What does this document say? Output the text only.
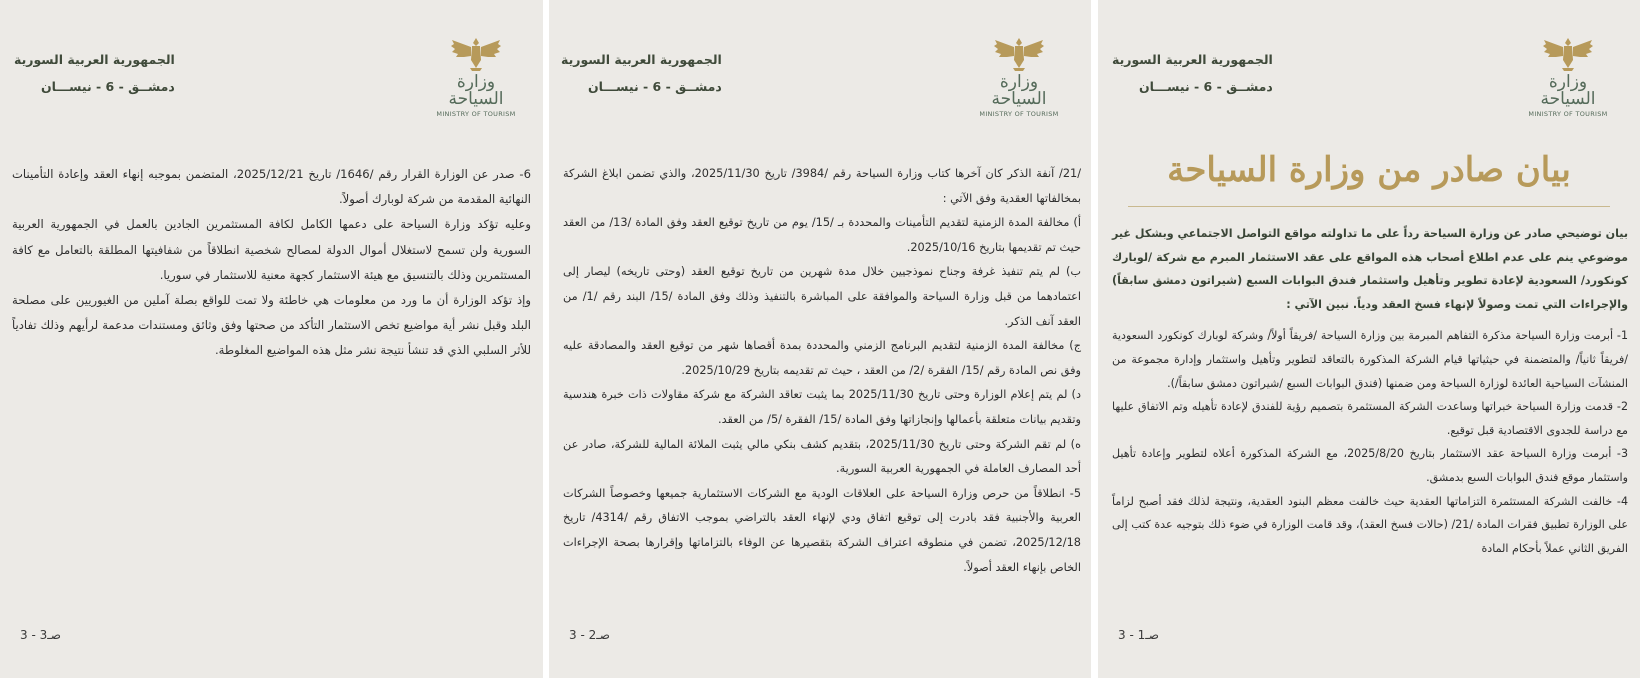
الجمهورية العربية السورية
دمشــق - 6 - نيســـان	وزارة السياحة
MINISTRY OF TOURISM

6- صدر عن الوزارة القرار رقم /1646/ تاريخ 2025/12/21، المتضمن بموجبه إنهاء العقد وإعادة التأمينات النهائية المقدمة من شركة لوبارك أصولاً.

وعليه تؤكد وزارة السياحة على دعمها الكامل لكافة المستثمرين الجادين بالعمل في الجمهورية العربية السورية ولن تسمح لاستغلال أموال الدولة لمصالح شخصية انطلاقاً من شفافيتها المطلقة بالتعامل مع كافة المستثمرين وذلك بالتنسيق مع هيئة الاستثمار كجهة معنية للاستثمار في سوريا.

وإذ تؤكد الوزارة أن ما ورد من معلومات هي خاطئة ولا تمت للواقع بصلة آملين من الغيوريين على مصلحة البلد وقبل نشر أية مواضيع تخص الاستثمار التأكد من صحتها وفق وثائق ومستندات مدعمة لرأيهم وذلك تفادياً للأثر السلبي الذي قد تنشأ نتيجة نشر مثل هذه المواضيع المغلوطة.

صـ3 - 3
الجمهورية العربية السورية
دمشــق - 6 - نيســـان	وزارة السياحة
MINISTRY OF TOURISM

/21/ آنفة الذكر كان آخرها كتاب وزارة السياحة رقم /3984/ تاريخ 2025/11/30، والذي تضمن ابلاغ الشركة بمخالفاتها العقدية وفق الآتي :

أ) مخالفة المدة الزمنية لتقديم التأمينات والمحددة بـ /15/ يوم من تاريخ توقيع العقد وفق المادة /13/ من العقد حيث تم تقديمها بتاريخ 2025/10/16.

ب) لم يتم تنفيذ غرفة وجناح نموذجيين خلال مدة شهرين من تاريخ توقيع العقد (وحتى تاريخه) ليصار إلى اعتمادهما من قبل وزارة السياحة والموافقة على المباشرة بالتنفيذ وذلك وفق المادة /15/ البند رقم /1/ من العقد آنف الذكر.

ج) مخالفة المدة الزمنية لتقديم البرنامج الزمني والمحددة بمدة أقصاها شهر من توقيع العقد والمصادقة عليه وفق نص المادة رقم /15/ الفقرة /2/ من العقد ، حيث تم تقديمه بتاريخ 2025/10/29.

د) لم يتم إعلام الوزارة وحتى تاريخ 2025/11/30 بما يثبت تعاقد الشركة مع شركة مقاولات ذات خبرة هندسية وتقديم بيانات متعلقة بأعمالها وإنجازاتها وفق المادة /15/ الفقرة /5/ من العقد.

ه) لم تقم الشركة وحتى تاريخ 2025/11/30، بتقديم كشف بنكي مالي يثبت الملائة المالية للشركة، صادر عن أحد المصارف العاملة في الجمهورية العربية السورية.

5- انطلاقاً من حرص وزارة السياحة على العلاقات الودية مع الشركات الاستثمارية جميعها وخصوصاً الشركات العربية والأجنبية فقد بادرت إلى توقيع اتفاق ودي لإنهاء العقد بالتراضي بموجب الاتفاق رقم /4314/ تاريخ 2025/12/18، تضمن في منطوقه اعتراف الشركة بتقصيرها عن الوفاء بالتزاماتها وإقرارها بصحة الإجراءات الخاص بإنهاء العقد أصولاً.

صـ2 - 3
الجمهورية العربية السورية
دمشــق - 6 - نيســـان	وزارة السياحة
MINISTRY OF TOURISM
بيان صادر من وزارة السياحة

بيان توضيحي صادر عن وزارة السياحة رداً على ما تداولته مواقع التواصل الاجتماعي وبشكل غير موضوعي ينم على عدم اطلاع أصحاب هذه المواقع على عقد الاستثمار المبرم مع شركة /لوبارك كونكورد/ السعودية لإعادة تطوير وتأهيل واستثمار فندق البوابات السبع (شيراتون دمشق سابقاً) والإجراءات التي تمت وصولاً لإنهاء فسخ العقد ودياً. نبين الآتي :

1- أبرمت وزارة السياحة مذكرة التفاهم المبرمة بين وزارة السياحة /فريقاً أولاً/ وشركة لوبارك كونكورد السعودية /فريقاً ثانياً/ والمتضمنة في حيثياتها قيام الشركة المذكورة بالتعاقد لتطوير وتأهيل واستثمار وإدارة مجموعة من المنشآت السياحية العائدة لوزارة السياحة ومن ضمنها (فندق البوابات السبع /شيراتون دمشق سابقاً/).

2- قدمت وزارة السياحة خبراتها وساعدت الشركة المستثمرة بتصميم رؤية للفندق لإعادة تأهيله وتم الاتفاق عليها مع دراسة للجدوى الاقتصادية قبل توقيع.

3- أبرمت وزارة السياحة عقد الاستثمار بتاريخ 2025/8/20، مع الشركة المذكورة أعلاه لتطوير وإعادة تأهيل واستثمار موقع فندق البوابات السبع بدمشق.

4- خالفت الشركة المستثمرة التزاماتها العقدية حيث خالفت معظم البنود العقدية، ونتيجة لذلك فقد أصبح لزاماً على الوزارة تطبيق فقرات المادة /21/ (حالات فسخ العقد)، وقد قامت الوزارة في ضوء ذلك بتوجيه عدة كتب إلى الفريق الثاني عملاً بأحكام المادة

صـ1 - 3
